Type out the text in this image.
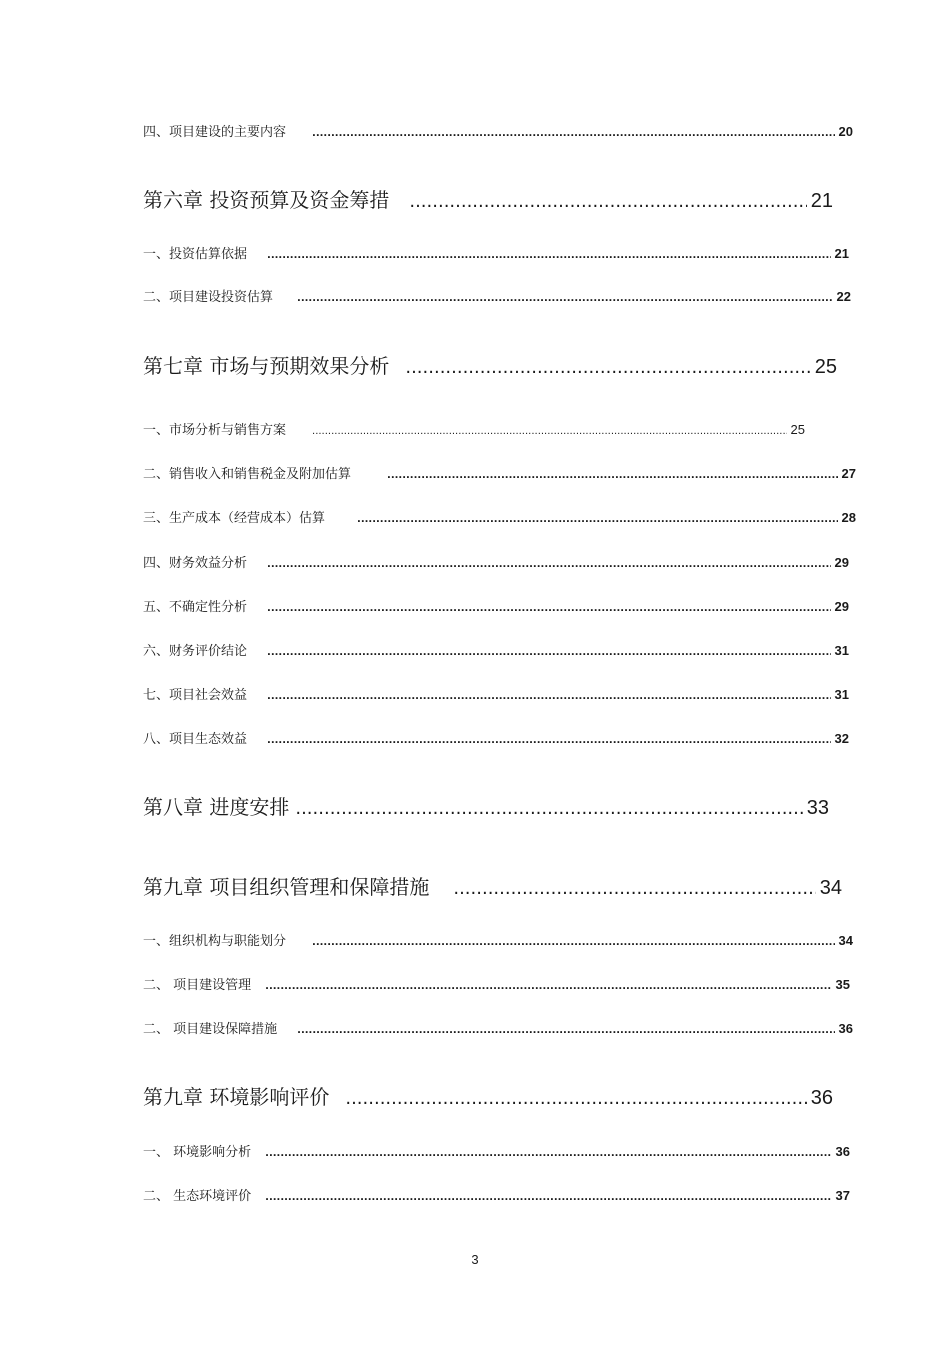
四、项目建设的主要内容 .....	20
第六章 投资预算及资金筹措 .....	21
一、投资估算依据 .....	21
二、项目建设投资估算 .....	22
第七章 市场与预期效果分析 .....	25
一、市场分析与销售方案 .....	25
二、销售收入和销售税金及附加估算 .....	27
三、生产成本（经营成本）估算 .....	28
四、财务效益分析 .....	29
五、不确定性分析 .....	29
六、财务评价结论 .....	31
七、项目社会效益 .....	31
八、项目生态效益 .....	32
第八章 进度安排 .....	33
第九章 项目组织管理和保障措施 .....	34
一、组织机构与职能划分 .....	34
二、 项目建设管理 .....	35
二、 项目建设保障措施 .....	36
第九章 环境影响评价 .....	36
一、 环境影响分析 .....	36
二、 生态环境评价 .....	37
3
